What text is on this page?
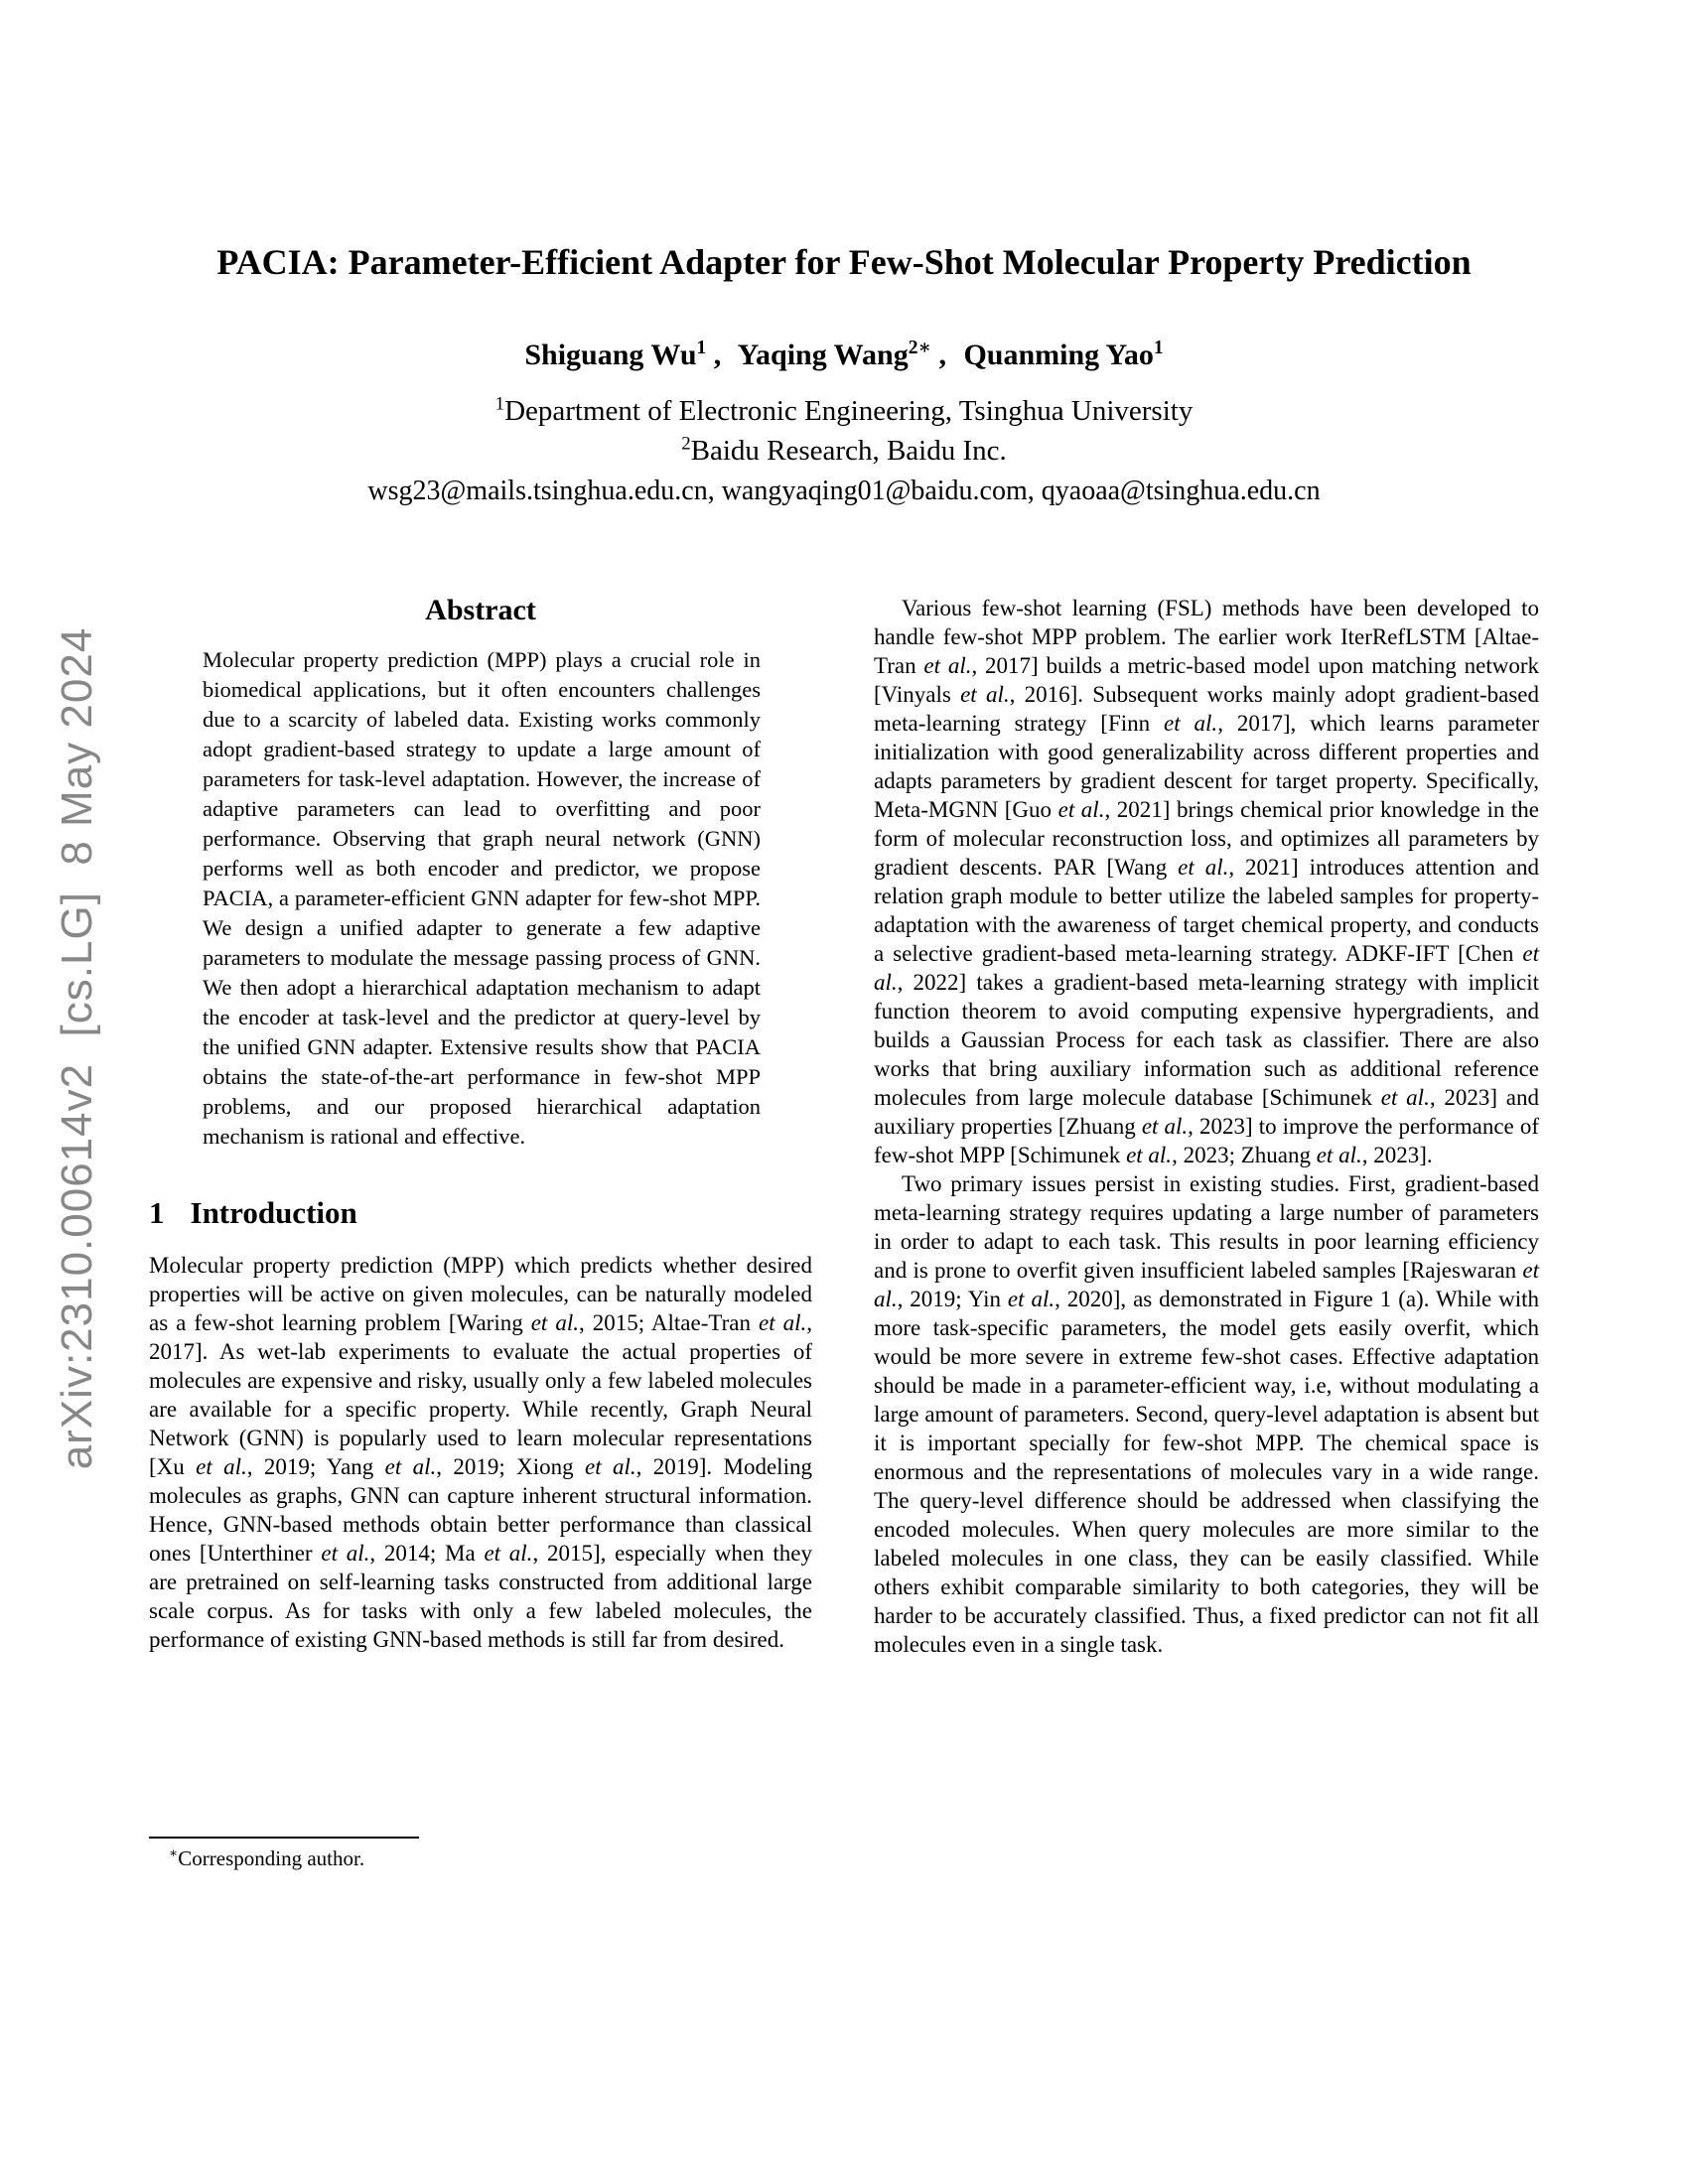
arXiv:2310.00614v2  [cs.LG]  8 May 2024
PACIA: Parameter-Efficient Adapter for Few-Shot Molecular Property Prediction
Shiguang Wu$^1$ ,  Yaqing Wang$^{2∗}$ ,  Quanming Yao$^1$
$^1$Department of Electronic Engineering, Tsinghua University
$^2$Baidu Research, Baidu Inc.
wsg23@mails.tsinghua.edu.cn, wangyaqing01@baidu.com, qyaoaa@tsinghua.edu.cn
Abstract
Molecular property prediction (MPP) plays a crucial role in biomedical applications, but it often encounters challenges due to a scarcity of labeled data. Existing works commonly adopt gradient-based strategy to update a large amount of parameters for task-level adaptation. However, the increase of adaptive parameters can lead to overfitting and poor performance. Observing that graph neural network (GNN) performs well as both encoder and predictor, we propose PACIA, a parameter-efficient GNN adapter for few-shot MPP. We design a unified adapter to generate a few adaptive parameters to modulate the message passing process of GNN. We then adopt a hierarchical adaptation mechanism to adapt the encoder at task-level and the predictor at query-level by the unified GNN adapter. Extensive results show that PACIA obtains the state-of-the-art performance in few-shot MPP problems, and our proposed hierarchical adaptation mechanism is rational and effective.
1 Introduction

Molecular property prediction (MPP) which predicts whether desired properties will be active on given molecules, can be naturally modeled as a few-shot learning problem [Waring et al., 2015; Altae-Tran et al., 2017]. As wet-lab experiments to evaluate the actual properties of molecules are expensive and risky, usually only a few labeled molecules are available for a specific property. While recently, Graph Neural Network (GNN) is popularly used to learn molecular representations [Xu et al., 2019; Yang et al., 2019; Xiong et al., 2019]. Modeling molecules as graphs, GNN can capture inherent structural information. Hence, GNN-based methods obtain better performance than classical ones [Unterthiner et al., 2014; Ma et al., 2015], especially when they are pretrained on self-learning tasks constructed from additional large scale corpus. As for tasks with only a few labeled molecules, the performance of existing GNN-based methods is still far from desired.

Various few-shot learning (FSL) methods have been developed to handle few-shot MPP problem. The earlier work IterRefLSTM [Altae-Tran et al., 2017] builds a metric-based model upon matching network [Vinyals et al., 2016]. Subsequent works mainly adopt gradient-based meta-learning strategy [Finn et al., 2017], which learns parameter initialization with good generalizability across different properties and adapts parameters by gradient descent for target property. Specifically, Meta-MGNN [Guo et al., 2021] brings chemical prior knowledge in the form of molecular reconstruction loss, and optimizes all parameters by gradient descents. PAR [Wang et al., 2021] introduces attention and relation graph module to better utilize the labeled samples for property-adaptation with the awareness of target chemical property, and conducts a selective gradient-based meta-learning strategy. ADKF-IFT [Chen et al., 2022] takes a gradient-based meta-learning strategy with implicit function theorem to avoid computing expensive hypergradients, and builds a Gaussian Process for each task as classifier. There are also works that bring auxiliary information such as additional reference molecules from large molecule database [Schimunek et al., 2023] and auxiliary properties [Zhuang et al., 2023] to improve the performance of few-shot MPP [Schimunek et al., 2023; Zhuang et al., 2023].

Two primary issues persist in existing studies. First, gradient-based meta-learning strategy requires updating a large number of parameters in order to adapt to each task. This results in poor learning efficiency and is prone to overfit given insufficient labeled samples [Rajeswaran et al., 2019; Yin et al., 2020], as demonstrated in Figure 1 (a). While with more task-specific parameters, the model gets easily overfit, which would be more severe in extreme few-shot cases. Effective adaptation should be made in a parameter-efficient way, i.e, without modulating a large amount of parameters. Second, query-level adaptation is absent but it is important specially for few-shot MPP. The chemical space is enormous and the representations of molecules vary in a wide range. The query-level difference should be addressed when classifying the encoded molecules. When query molecules are more similar to the labeled molecules in one class, they can be easily classified. While others exhibit comparable similarity to both categories, they will be harder to be accurately classified. Thus, a fixed predictor can not fit all molecules even in a single task.

∗Corresponding author.
